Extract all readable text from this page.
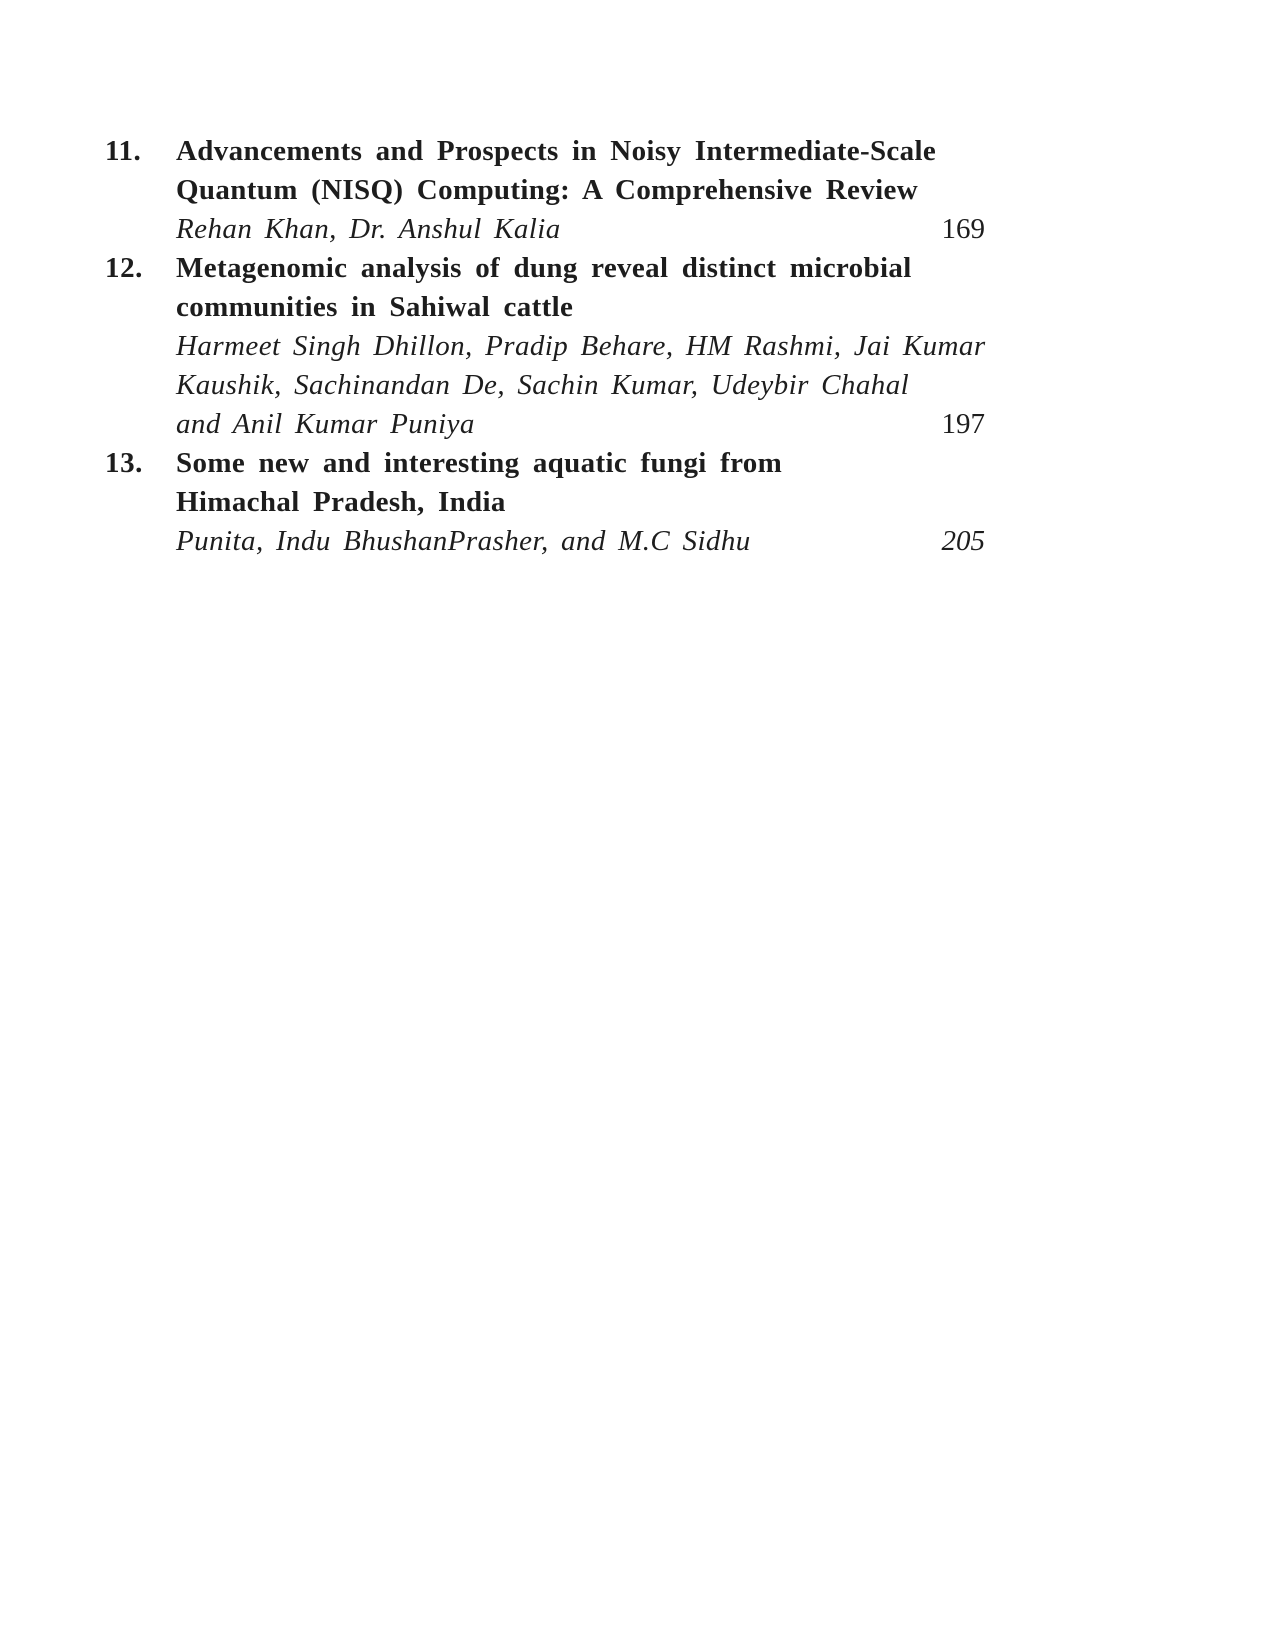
11.	Advancements and Prospects in Noisy Intermediate-Scale
Quantum (NISQ) Computing: A Comprehensive Review
Rehan Khan, Dr. Anshul Kalia	169
12.	Metagenomic analysis of dung reveal distinct microbial
communities in Sahiwal cattle
Harmeet Singh Dhillon, Pradip Behare, HM Rashmi, Jai Kumar
Kaushik, Sachinandan De, Sachin Kumar, Udeybir Chahal
and Anil Kumar Puniya	197
13.	Some new and interesting aquatic fungi from
Himachal Pradesh, India
Punita, Indu BhushanPrasher, and M.C Sidhu	205
